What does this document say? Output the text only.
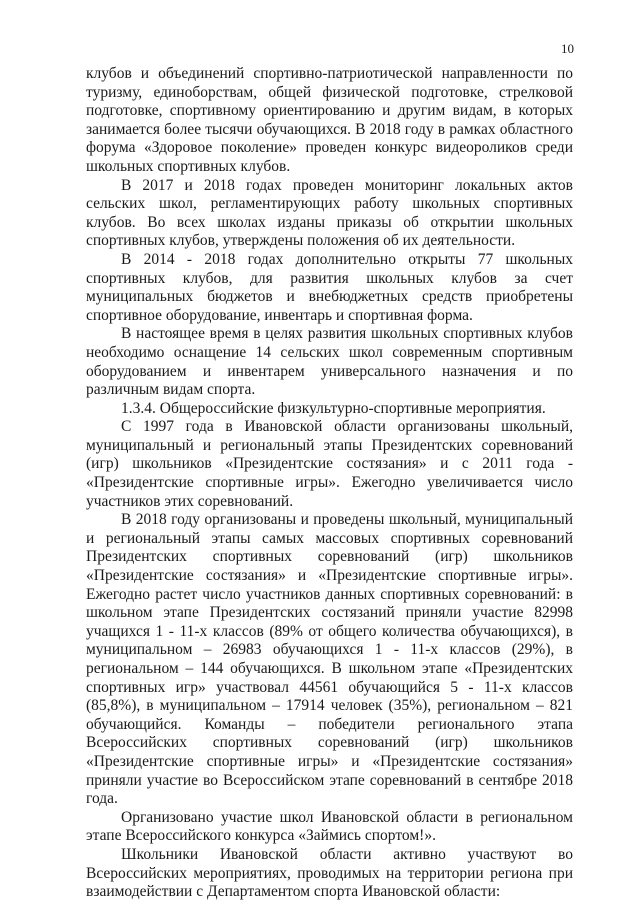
10

клубов и объединений спортивно-патриотической направленности по туризму, единоборствам, общей физической подготовке, стрелковой подготовке, спортивному ориентированию и другим видам, в которых занимается более тысячи обучающихся. В 2018 году в рамках областного форума «Здоровое поколение» проведен конкурс видеороликов среди школьных спортивных клубов.

В 2017 и 2018 годах проведен мониторинг локальных актов сельских школ, регламентирующих работу школьных спортивных клубов. Во всех школах изданы приказы об открытии школьных спортивных клубов, утверждены положения об их деятельности.

В 2014 - 2018 годах дополнительно открыты 77 школьных спортивных клубов, для развития школьных клубов за счет муниципальных бюджетов и внебюджетных средств приобретены спортивное оборудование, инвентарь и спортивная форма.

В настоящее время в целях развития школьных спортивных клубов необходимо оснащение 14 сельских школ современным спортивным оборудованием и инвентарем универсального назначения и по различным видам спорта.

1.3.4. Общероссийские физкультурно-спортивные мероприятия.

С 1997 года в Ивановской области организованы школьный, муниципальный и региональный этапы Президентских соревнований (игр) школьников «Президентские состязания» и с 2011 года - «Президентские спортивные игры». Ежегодно увеличивается число участников этих соревнований.

В 2018 году организованы и проведены школьный, муниципальный и региональный этапы самых массовых спортивных соревнований Президентских спортивных соревнований (игр) школьников «Президентские состязания» и «Президентские спортивные игры». Ежегодно растет число участников данных спортивных соревнований: в школьном этапе Президентских состязаний приняли участие 82998 учащихся 1 - 11-х классов (89% от общего количества обучающихся), в муниципальном – 26983 обучающихся 1 - 11-х классов (29%), в региональном – 144 обучающихся. В школьном этапе «Президентских спортивных игр» участвовал 44561 обучающийся 5 - 11-х классов (85,8%), в муниципальном – 17914 человек (35%), региональном – 821 обучающийся. Команды – победители регионального этапа Всероссийских спортивных соревнований (игр) школьников «Президентские спортивные игры» и «Президентские состязания» приняли участие во Всероссийском этапе соревнований в сентябре 2018 года.

Организовано участие школ Ивановской области в региональном этапе Всероссийского конкурса «Займись спортом!».

Школьники Ивановской области активно участвуют во Всероссийских мероприятиях, проводимых на территории региона при взаимодействии с Департаментом спорта Ивановской области:
